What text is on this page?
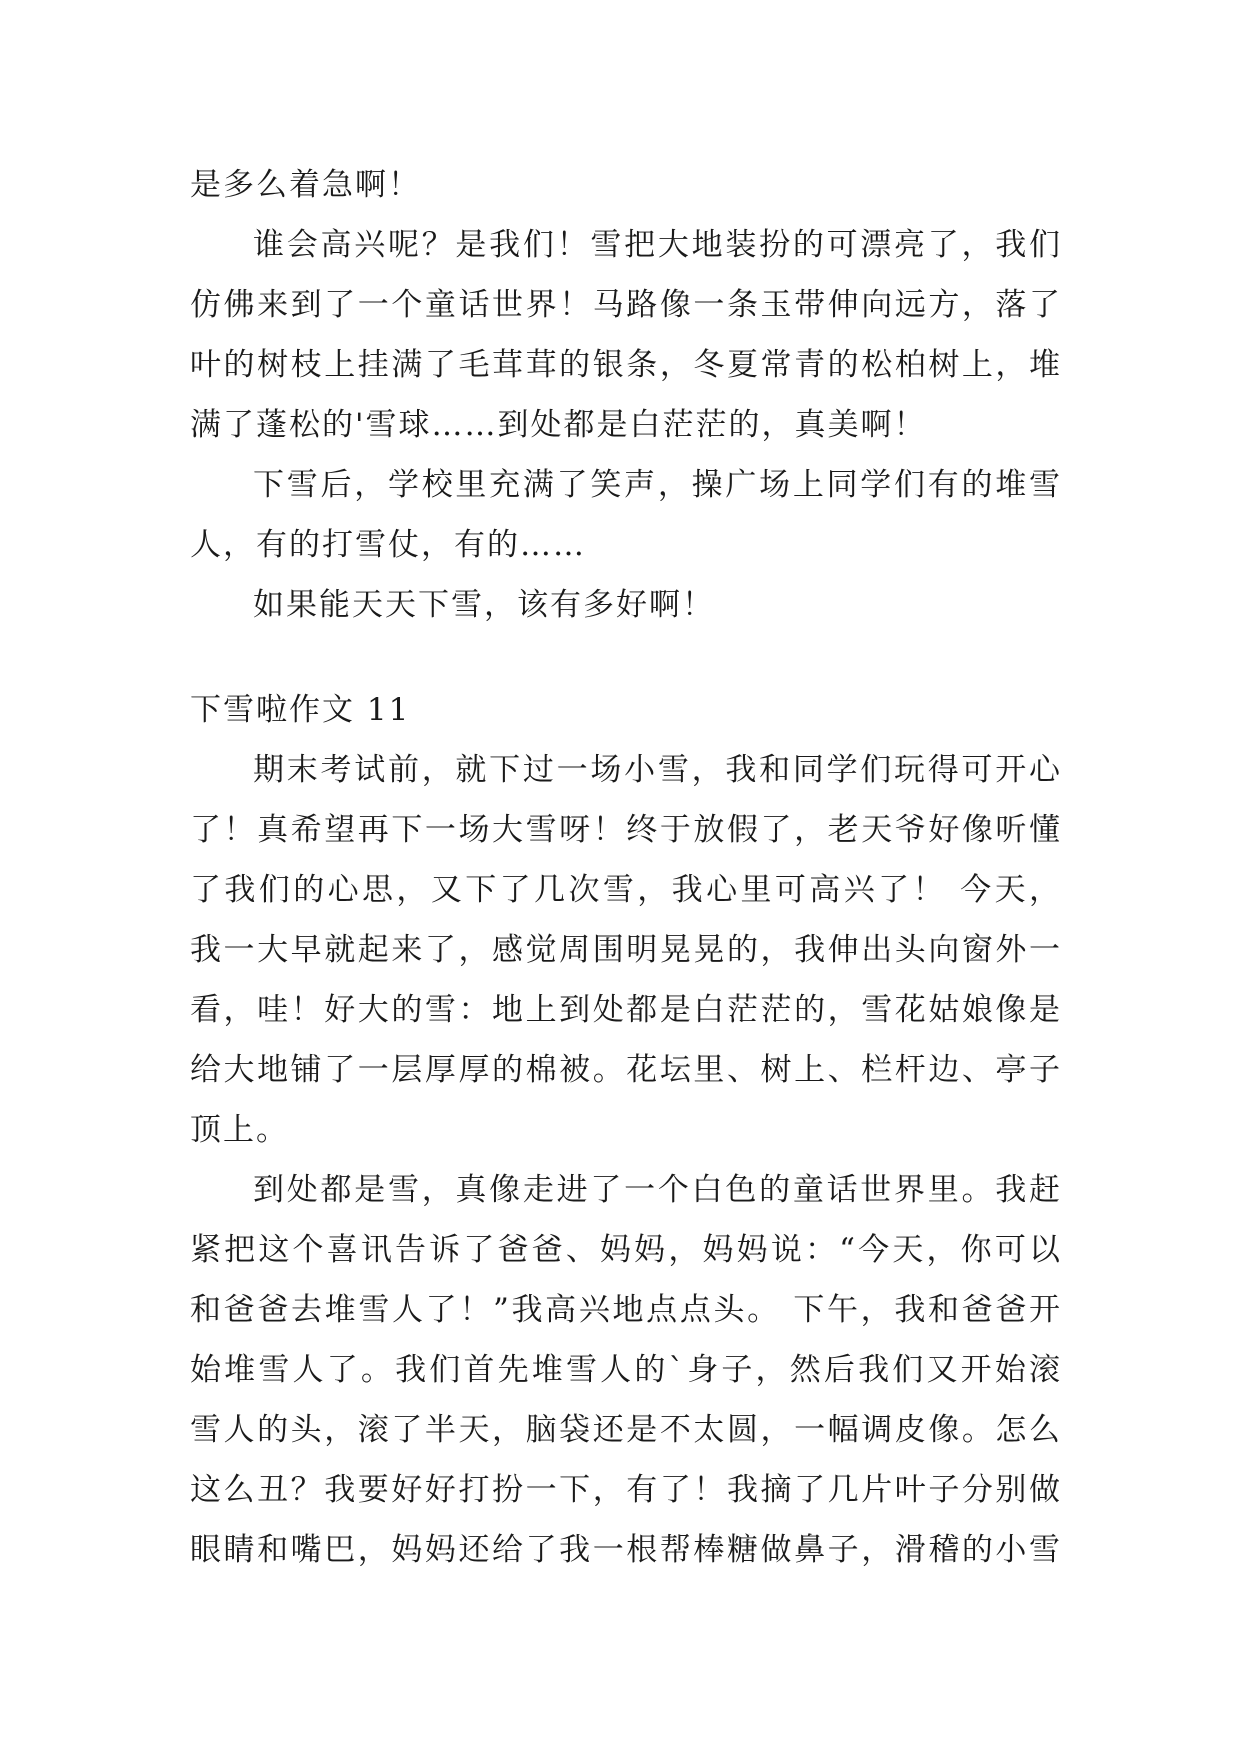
是多么着急啊！
谁会高兴呢？是我们！雪把大地装扮的可漂亮了，我们
仿佛来到了一个童话世界！马路像一条玉带伸向远方，落了
叶的树枝上挂满了毛茸茸的银条，冬夏常青的松柏树上，堆
满了蓬松的'雪球……到处都是白茫茫的，真美啊！
下雪后，学校里充满了笑声，操广场上同学们有的堆雪
人，有的打雪仗，有的……
如果能天天下雪，该有多好啊！
下雪啦作文 11
期末考试前，就下过一场小雪，我和同学们玩得可开心
了！真希望再下一场大雪呀！终于放假了，老天爷好像听懂
了我们的心思，又下了几次雪，我心里可高兴了！ 今天，
我一大早就起来了，感觉周围明晃晃的，我伸出头向窗外一
看，哇！好大的雪：地上到处都是白茫茫的，雪花姑娘像是
给大地铺了一层厚厚的棉被。花坛里、树上、栏杆边、亭子
顶上。
到处都是雪，真像走进了一个白色的童话世界里。我赶
紧把这个喜讯告诉了爸爸、妈妈，妈妈说：“今天，你可以
和爸爸去堆雪人了！”我高兴地点点头。 下午，我和爸爸开
始堆雪人了。我们首先堆雪人的`身子，然后我们又开始滚
雪人的头，滚了半天，脑袋还是不太圆，一幅调皮像。怎么
这么丑？我要好好打扮一下，有了！我摘了几片叶子分别做
眼睛和嘴巴，妈妈还给了我一根帮棒糖做鼻子，滑稽的小雪
